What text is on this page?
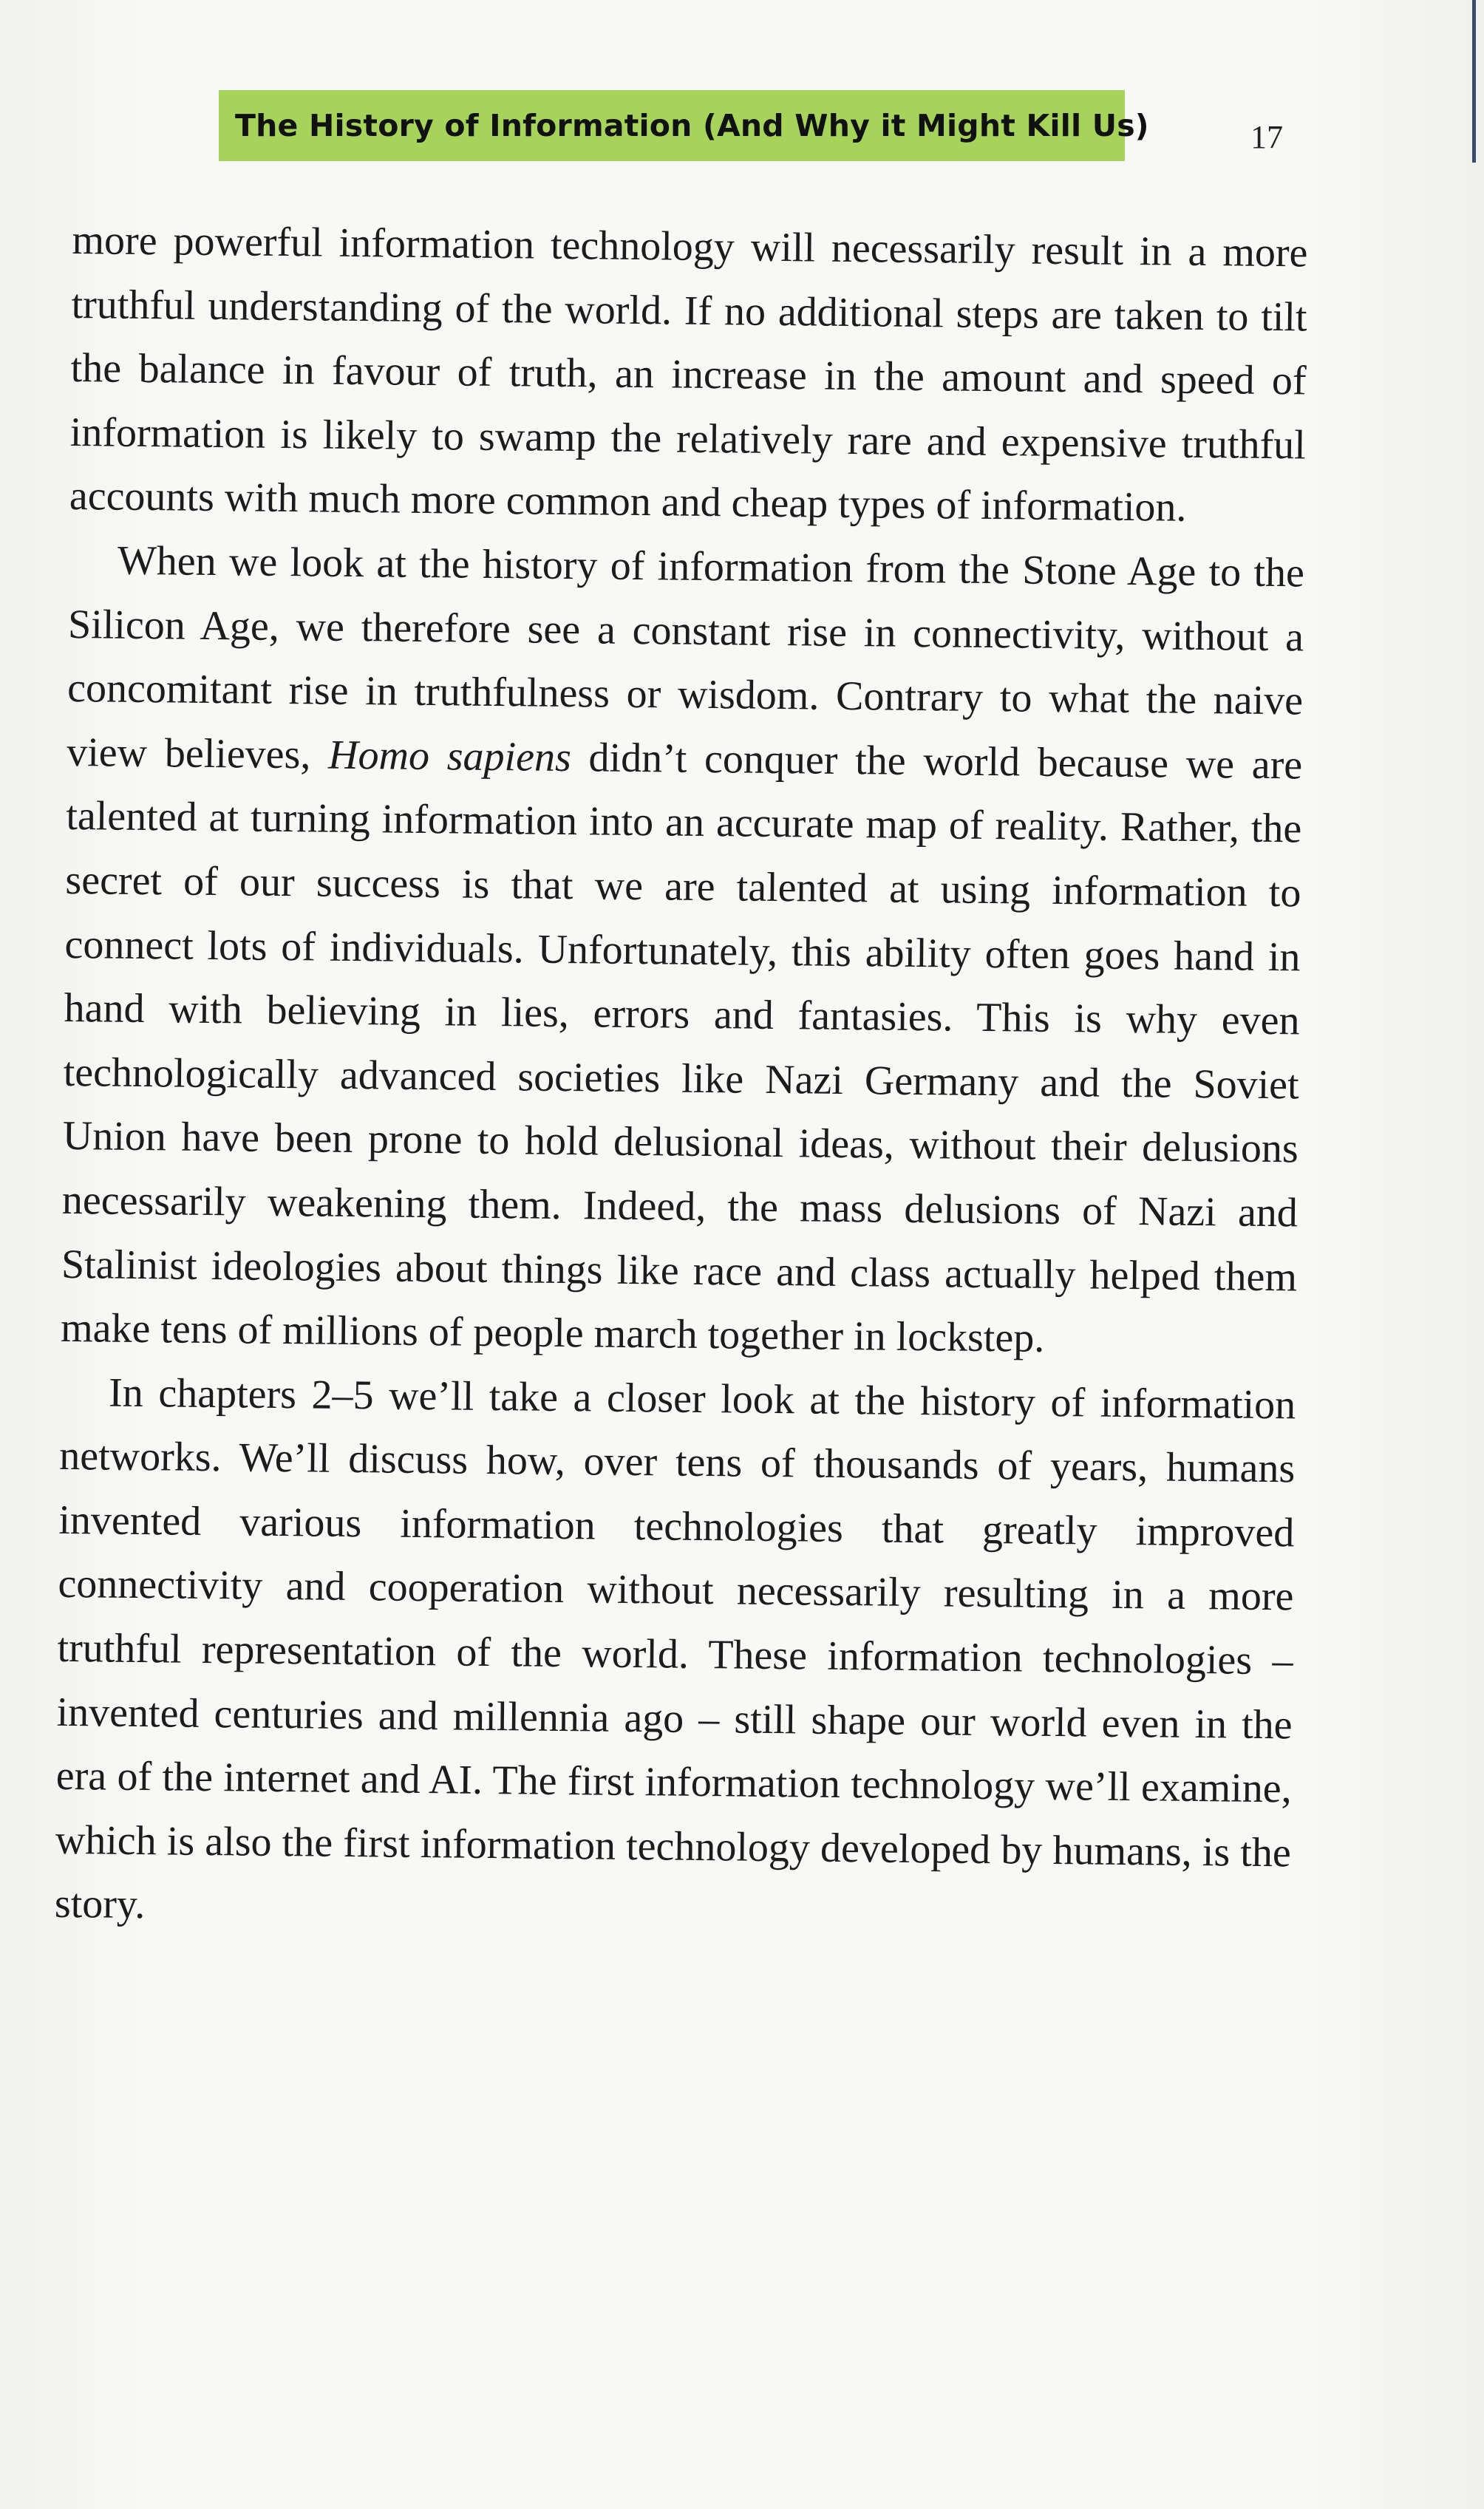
The History of Information (And Why it Might Kill Us)	17

more powerful information technology will necessarily result in a more truthful understanding of the world. If no additional steps are taken to tilt the balance in favour of truth, an increase in the amount and speed of information is likely to swamp the relatively rare and expensive truthful accounts with much more common and cheap types of information.

When we look at the history of information from the Stone Age to the Silicon Age, we therefore see a constant rise in connectivity, without a concomitant rise in truthfulness or wisdom. Contrary to what the naive view believes, Homo sapiens didn’t conquer the world because we are talented at turning information into an accurate map of reality. Rather, the secret of our success is that we are talented at using information to connect lots of individuals. Unfortunately, this ability often goes hand in hand with believing in lies, errors and fantasies. This is why even technologically advanced societies like Nazi Germany and the Soviet Union have been prone to hold delusional ideas, without their delusions necessarily weakening them. Indeed, the mass delusions of Nazi and Stalinist ideologies about things like race and class actually helped them make tens of millions of people march together in lockstep.

In chapters 2–5 we’ll take a closer look at the history of information networks. We’ll discuss how, over tens of thousands of years, humans invented various information technologies that greatly improved connectivity and cooperation without necessarily resulting in a more truthful representation of the world. These information technologies – invented centuries and millennia ago – still shape our world even in the era of the internet and AI. The first information technology we’ll examine, which is also the first information technology developed by humans, is the story.
